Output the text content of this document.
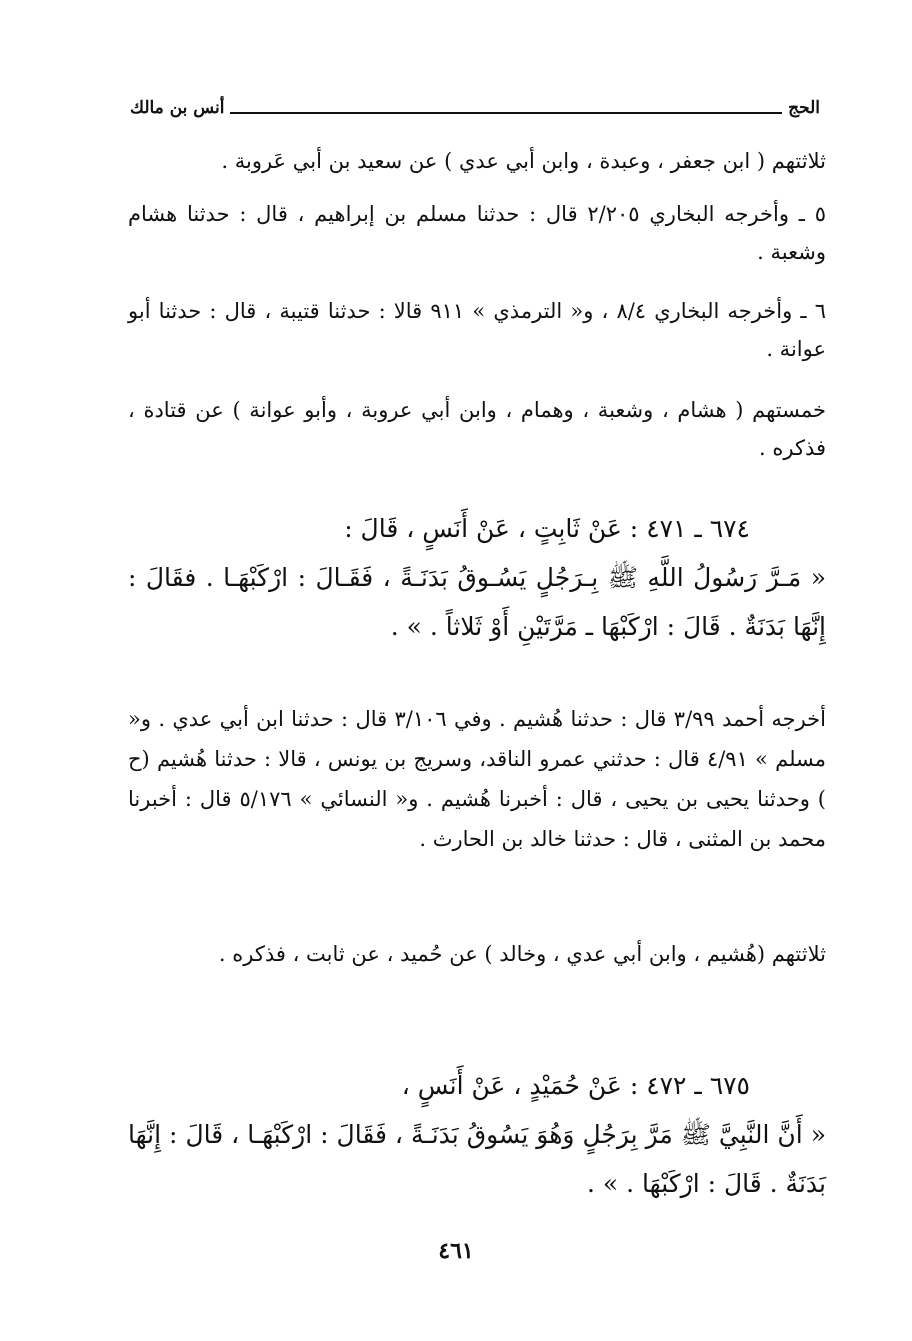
الحج
أنس بن مالك

ثلاثتهم ( ابن جعفر ، وعبدة ، وابن أبي عدي ) عن سعيد بن أبي عَروبة .

٥ ـ وأخرجه البخاري ٢/٢٠٥ قال : حدثنا مسلم بن إبراهيم ، قال : حدثنا هشام وشعبة .

٦ ـ وأخرجه البخاري ٨/٤ ، و« الترمذي » ٩١١ قالا : حدثنا قتيبة ، قال : حدثنا أبو عوانة .

خمستهم ( هشام ، وشعبة ، وهمام ، وابن أبي عروبة ، وأبو عوانة ) عن قتادة ، فذكره .

٦٧٤ ـ ٤٧١ : عَنْ ثَابِتٍ ، عَنْ أَنَسٍ ، قَالَ :

« مَـرَّ رَسُولُ اللَّهِ ﷺ بِـرَجُلٍ يَسُـوقُ بَدَنَـةً ، فَقَـالَ : ارْكَبْهَـا . فقَالَ : إِنَّهَا بَدَنَةٌ . قَالَ : ارْكَبْهَا ـ مَرَّتَيْنِ أَوْ ثَلاثاً . » .

أخرجه أحمد ٣/٩٩ قال : حدثنا هُشيم . وفي ٣/١٠٦ قال : حدثنا ابن أبي عدي . و« مسلم » ٤/٩١ قال : حدثني عمرو الناقد، وسريج بن يونس ، قالا : حدثنا هُشيم (ح ) وحدثنا يحيى بن يحيى ، قال : أخبرنا هُشيم . و« النسائي » ٥/١٧٦ قال : أخبرنا محمد بن المثنى ، قال : حدثنا خالد بن الحارث .

ثلاثتهم (هُشيم ، وابن أبي عدي ، وخالد ) عن حُميد ، عن ثابت ، فذكره .

٦٧٥ ـ ٤٧٢ : عَنْ حُمَيْدٍ ، عَنْ أَنَسٍ ،

« أَنَّ النَّبِيَّ ﷺ مَرَّ بِرَجُلٍ وَهُوَ يَسُوقُ بَدَنَـةً ، فَقَالَ : ارْكَبْهَـا ، قَالَ : إِنَّهَا بَدَنَةٌ . قَالَ : ارْكَبْهَا . » .

٤٦١
